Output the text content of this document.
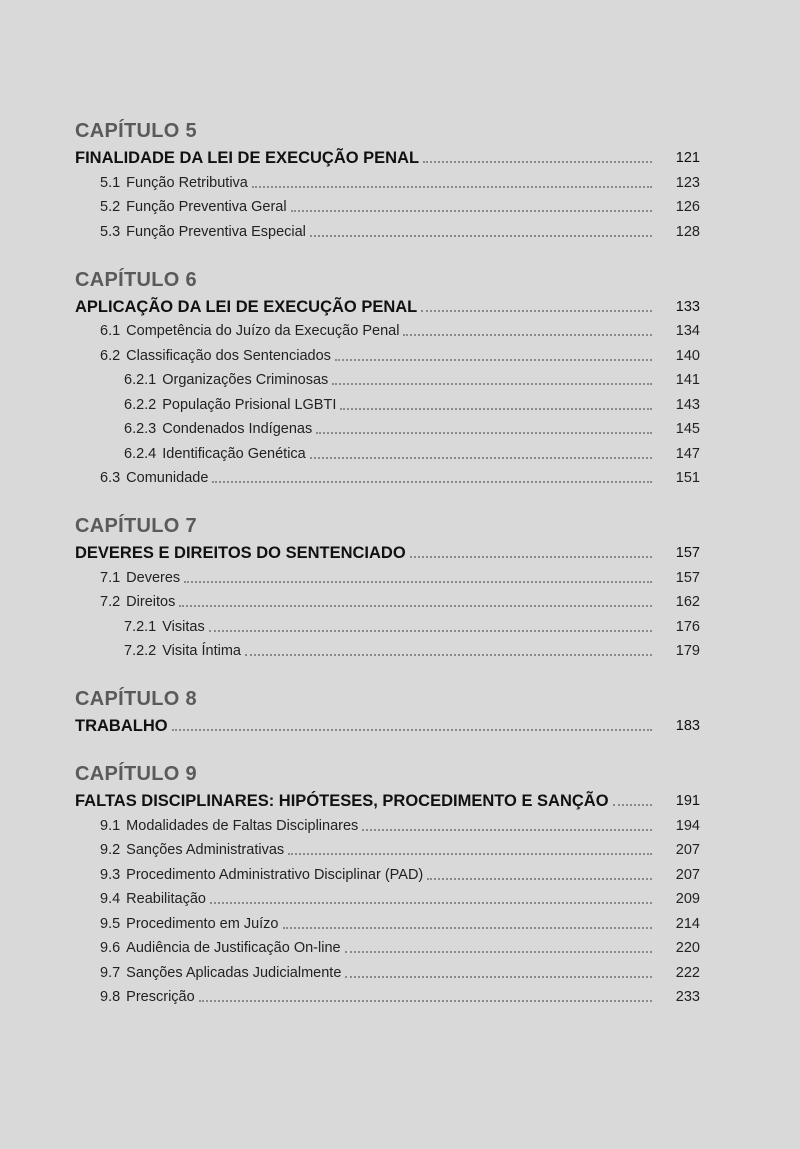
CAPÍTULO 5
FINALIDADE DA LEI DE EXECUÇÃO PENAL	121
5.1 Função Retributiva	123
5.2 Função Preventiva Geral	126
5.3 Função Preventiva Especial	128
CAPÍTULO 6
APLICAÇÃO DA LEI DE EXECUÇÃO PENAL	133
6.1 Competência do Juízo da Execução Penal	134
6.2 Classificação dos Sentenciados	140
6.2.1 Organizações Criminosas	141
6.2.2 População Prisional LGBTI	143
6.2.3 Condenados Indígenas	145
6.2.4 Identificação Genética	147
6.3 Comunidade	151
CAPÍTULO 7
DEVERES E DIREITOS DO SENTENCIADO	157
7.1 Deveres	157
7.2 Direitos	162
7.2.1 Visitas	176
7.2.2 Visita Íntima	179
CAPÍTULO 8
TRABALHO	183
CAPÍTULO 9
FALTAS DISCIPLINARES: HIPÓTESES, PROCEDIMENTO E SANÇÃO	191
9.1 Modalidades de Faltas Disciplinares	194
9.2 Sanções Administrativas	207
9.3 Procedimento Administrativo Disciplinar (PAD)	207
9.4 Reabilitação	209
9.5 Procedimento em Juízo	214
9.6 Audiência de Justificação On-line	220
9.7 Sanções Aplicadas Judicialmente	222
9.8 Prescrição	233
